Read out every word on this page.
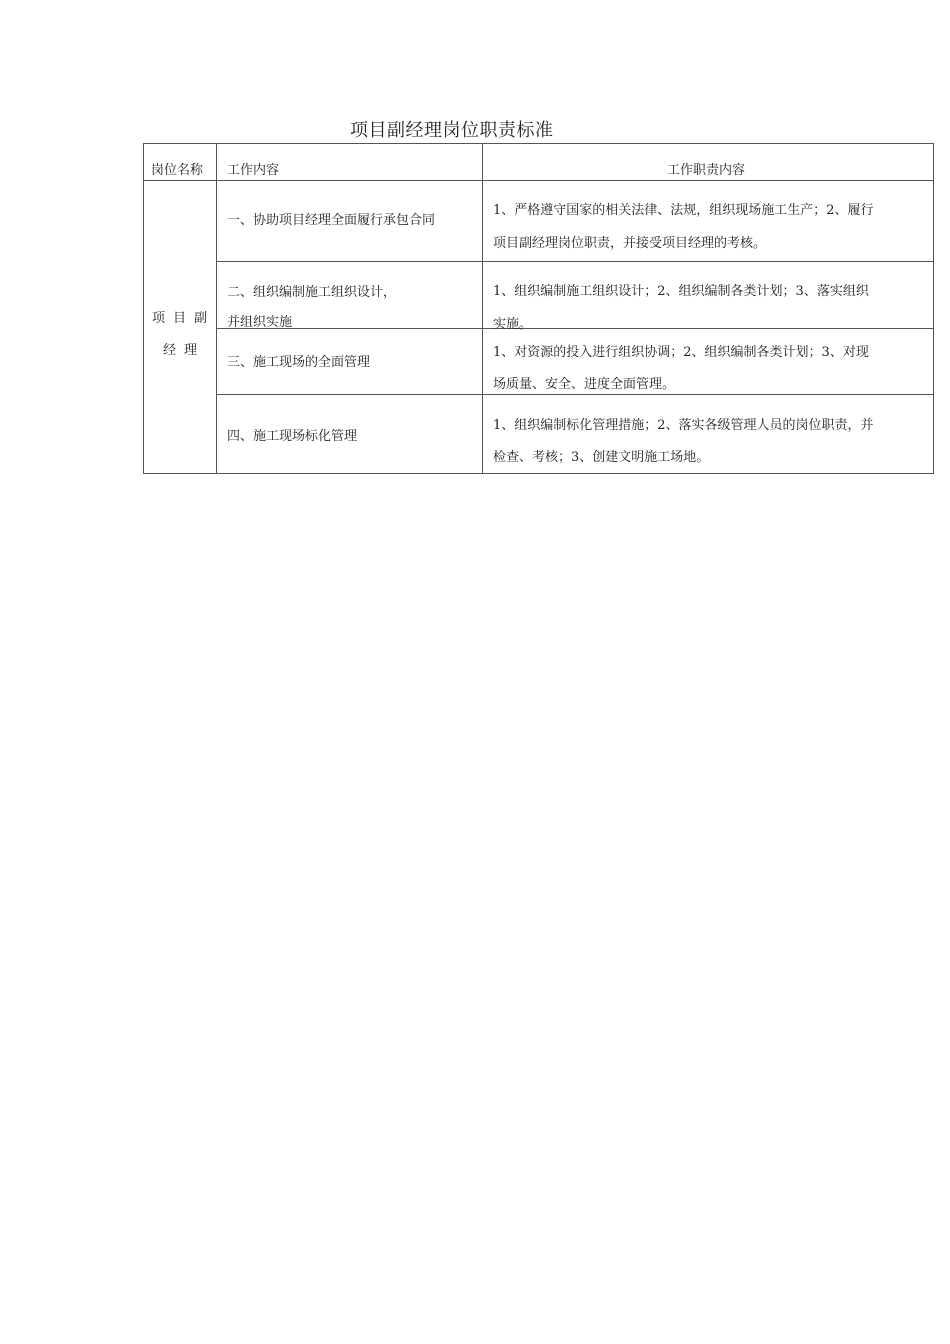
项目副经理岗位职责标准
岗位名称 工作内容	工作职责内容
项目副
经理
一、协助项目经理全面履行承包合同
1、严格遵守国家的相关法律、法规，组织现场施工生产；2、履行
项目副经理岗位职责，并接受项目经理的考核。
二、组织编制施工组织设计，
并组织实施
1、组织编制施工组织设计；2、组织编制各类计划；3、落实组织
实施。
三、施工现场的全面管理
1、对资源的投入进行组织协调；2、组织编制各类计划；3、对现
场质量、安全、进度全面管理。
四、施工现场标化管理
1、组织编制标化管理措施；2、落实各级管理人员的岗位职责，并
检查、考核；3、创建文明施工场地。
